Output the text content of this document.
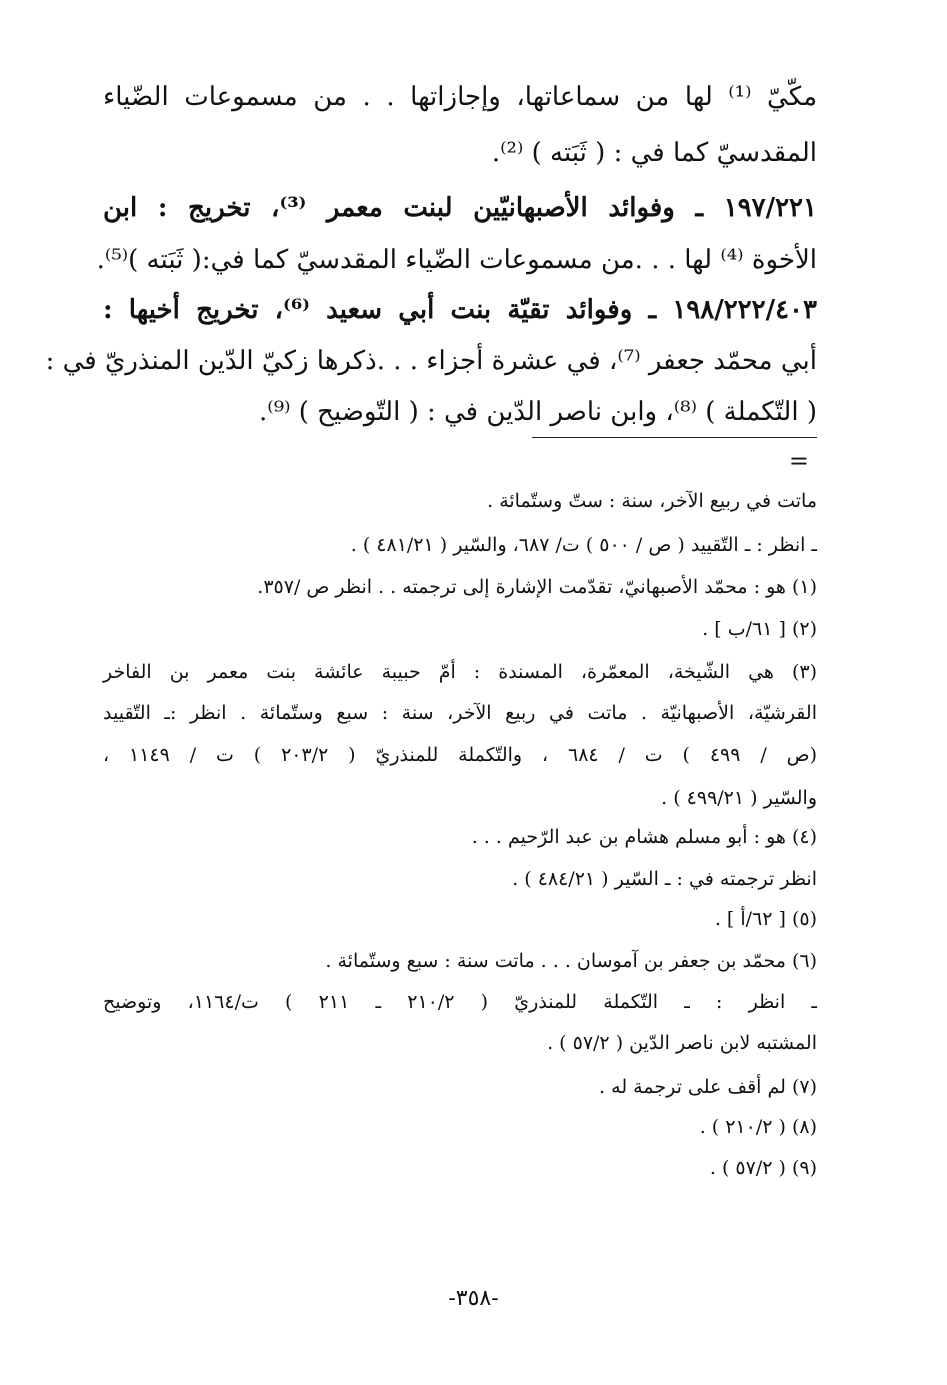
مكّيّ ⁽¹⁾ لها من سماعاتها، وإجازاتها . . من مسموعات الضّياء
المقدسيّ كما في : ( ثَبَته ) ⁽²⁾.
١٩٧/٢٢١ ـ وفوائد الأصبهانيّين لبنت معمر ⁽³⁾، تخريج : ابن
الأخوة ⁽⁴⁾ لها . . .من مسموعات الضّياء المقدسيّ كما في:( ثَبَته )⁽⁵⁾.
١٩٨/٢٢٢/٤٠٣ ـ وفوائد تقيّة بنت أبي سعيد ⁽⁶⁾، تخريج أخيها :
أبي محمّد جعفر ⁽⁷⁾، في عشرة أجزاء . . .ذكرها زكيّ الدّين المنذريّ في :
( التّكملة ) ⁽⁸⁾، وابن ناصر الدّين في : ( التّوضيح ) ⁽⁹⁾.
=
ماتت في ربيع الآخر، سنة : ستّ وستّمائة .
ـ انظر : ـ التّقييد ( ص / ٥٠٠ ) ت/ ٦٨٧، والسّير ( ٤٨١/٢١ ) .
(١) هو : محمّد الأصبهانيّ، تقدّمت الإشارة إلى ترجمته . . انظر ص /٣٥٧.
(٢) [ ٦١/ب ] .
(٣) هي الشّيخة، المعمّرة، المسندة : أمّ حبيبة عائشة بنت معمر بن الفاخر
القرشيّة، الأصبهانيّة . ماتت في ربيع الآخر، سنة : سبع وستّمائة . انظر :ـ التّقييد
(ص / ٤٩٩ ) ت / ٦٨٤ ، والتّكملة للمنذريّ ( ٢٠٣/٢ ) ت / ١١٤٩ ،
والسّير ( ٤٩٩/٢١ ) .
(٤) هو : أبو مسلم هشام بن عبد الرّحيم . . .
انظر ترجمته في : ـ السّير ( ٤٨٤/٢١ ) .
(٥) [ ٦٢/أ ] .
(٦) محمّد بن جعفر بن آموسان . . . ماتت سنة : سبع وستّمائة .
ـ انظر : ـ التّكملة للمنذريّ ( ٢١٠/٢ ـ ٢١١ ) ت/١١٦٤، وتوضيح
المشتبه لابن ناصر الدّين ( ٥٧/٢ ) .
(٧) لم أقف على ترجمة له .
(٨) ( ٢١٠/٢ ) .
(٩) ( ٥٧/٢ ) .
-٣٥٨-
